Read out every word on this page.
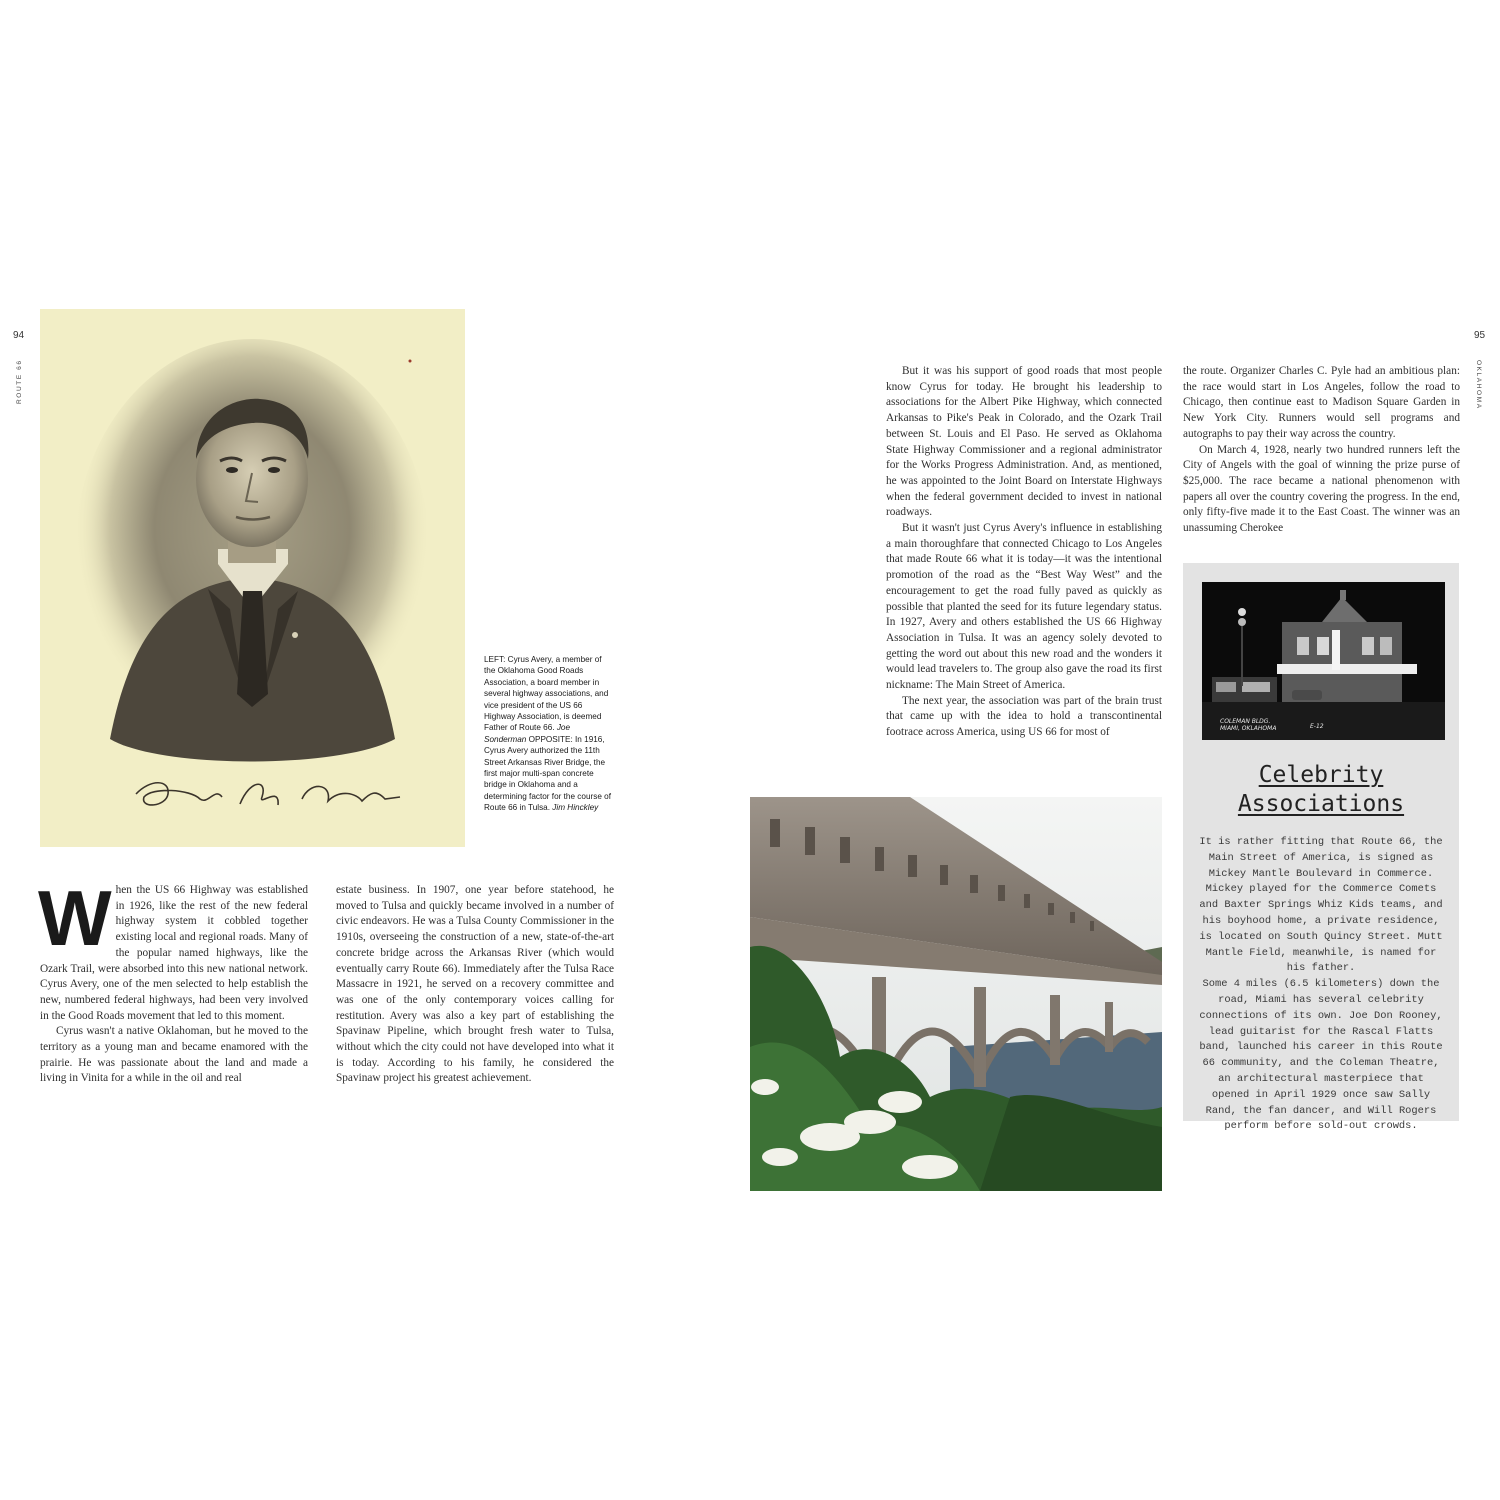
94
ROUTE 66
LEFT: Cyrus Avery, a member of the Oklahoma Good Roads Association, a board member in several highway associations, and vice president of the US 66 Highway Association, is deemed Father of Route 66. Joe Sonderman OPPOSITE: In 1916, Cyrus Avery authorized the 11th Street Arkansas River Bridge, the first major multi-span concrete bridge in Oklahoma and a determining factor for the course of Route 66 in Tulsa. Jim Hinckley

When the US 66 Highway was established in 1926, like the rest of the new federal highway system it cobbled together existing local and regional roads. Many of the popular named highways, like the Ozark Trail, were absorbed into this new national network. Cyrus Avery, one of the men selected to help establish the new, numbered federal highways, had been very involved in the Good Roads movement that led to this moment.

Cyrus wasn't a native Oklahoman, but he moved to the territory as a young man and became enamored with the prairie. He was passionate about the land and made a living in Vinita for a while in the oil and real

estate business. In 1907, one year before statehood, he moved to Tulsa and quickly became involved in a number of civic endeavors. He was a Tulsa County Commissioner in the 1910s, overseeing the construction of a new, state-of-the-art concrete bridge across the Arkansas River (which would eventually carry Route 66). Immediately after the Tulsa Race Massacre in 1921, he served on a recovery committee and was one of the only contemporary voices calling for restitution. Avery was also a key part of establishing the Spavinaw Pipeline, which brought fresh water to Tulsa, without which the city could not have developed into what it is today. According to his family, he considered the Spavinaw project his greatest achievement.

95
OKLAHOMA

But it was his support of good roads that most people know Cyrus for today. He brought his leadership to associations for the Albert Pike Highway, which connected Arkansas to Pike's Peak in Colorado, and the Ozark Trail between St. Louis and El Paso. He served as Oklahoma State Highway Commissioner and a regional administrator for the Works Progress Administration. And, as mentioned, he was appointed to the Joint Board on Interstate Highways when the federal government decided to invest in national roadways.

But it wasn't just Cyrus Avery's influence in establishing a main thoroughfare that connected Chicago to Los Angeles that made Route 66 what it is today—it was the intentional promotion of the road as the “Best Way West” and the encouragement to get the road fully paved as quickly as possible that planted the seed for its future legendary status. In 1927, Avery and others established the US 66 Highway Association in Tulsa. It was an agency solely devoted to getting the word out about this new road and the wonders it would lead travelers to. The group also gave the road its first nickname: The Main Street of America.

The next year, the association was part of the brain trust that came up with the idea to hold a transcontinental footrace across America, using US 66 for most of

the route. Organizer Charles C. Pyle had an ambitious plan: the race would start in Los Angeles, follow the road to Chicago, then continue east to Madison Square Garden in New York City. Runners would sell programs and autographs to pay their way across the country.

On March 4, 1928, nearly two hundred runners left the City of Angels with the goal of winning the prize purse of $25,000. The race became a national phenomenon with papers all over the country covering the progress. In the end, only fifty-five made it to the East Coast. The winner was an unassuming Cherokee

COLEMAN BLDG.
MIAMI, OKLAHOMA	E-12
Celebrity
Associations

It is rather fitting that Route 66, the Main Street of America, is signed as Mickey Mantle Boulevard in Commerce. Mickey played for the Commerce Comets and Baxter Springs Whiz Kids teams, and his boyhood home, a private residence, is located on South Quincy Street. Mutt Mantle Field, meanwhile, is named for his father.

Some 4 miles (6.5 kilometers) down the road, Miami has several celebrity connections of its own. Joe Don Rooney, lead guitarist for the Rascal Flatts band, launched his career in this Route 66 community, and the Coleman Theatre, an architectural masterpiece that opened in April 1929 once saw Sally Rand, the fan dancer, and Will Rogers perform before sold-out crowds.
